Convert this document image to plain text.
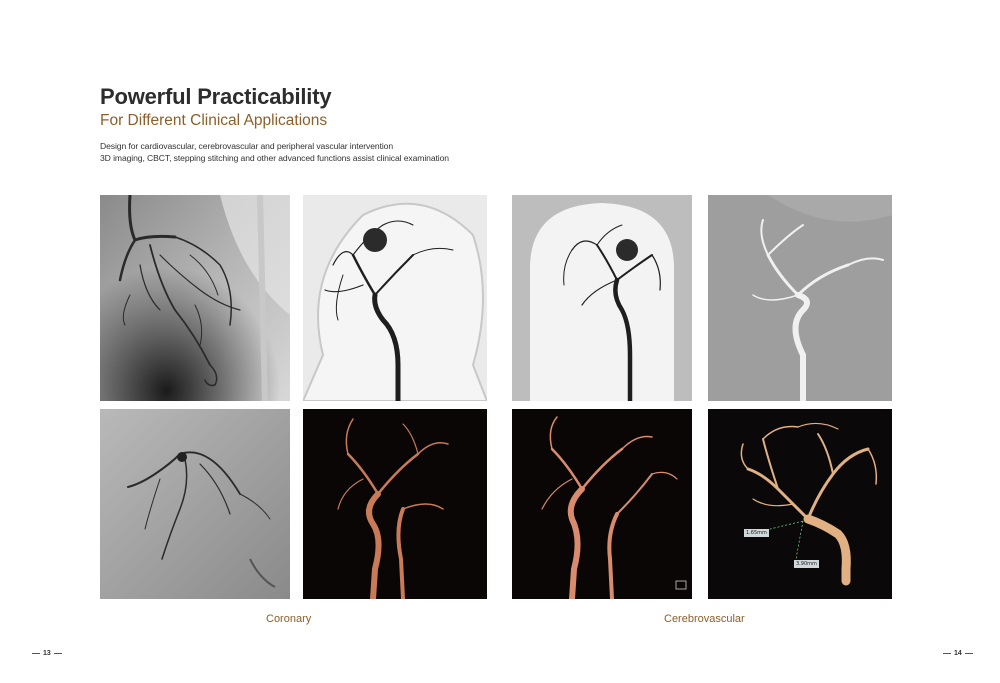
Powerful Practicability
For Different Clinical Applications
Design for cardiovascular, cerebrovascular and peripheral vascular intervention
3D imaging, CBCT, stepping stitching and other advanced functions assist clinical examination
1.65mm
3.90mm
Coronary	Cerebrovascular
13	14
